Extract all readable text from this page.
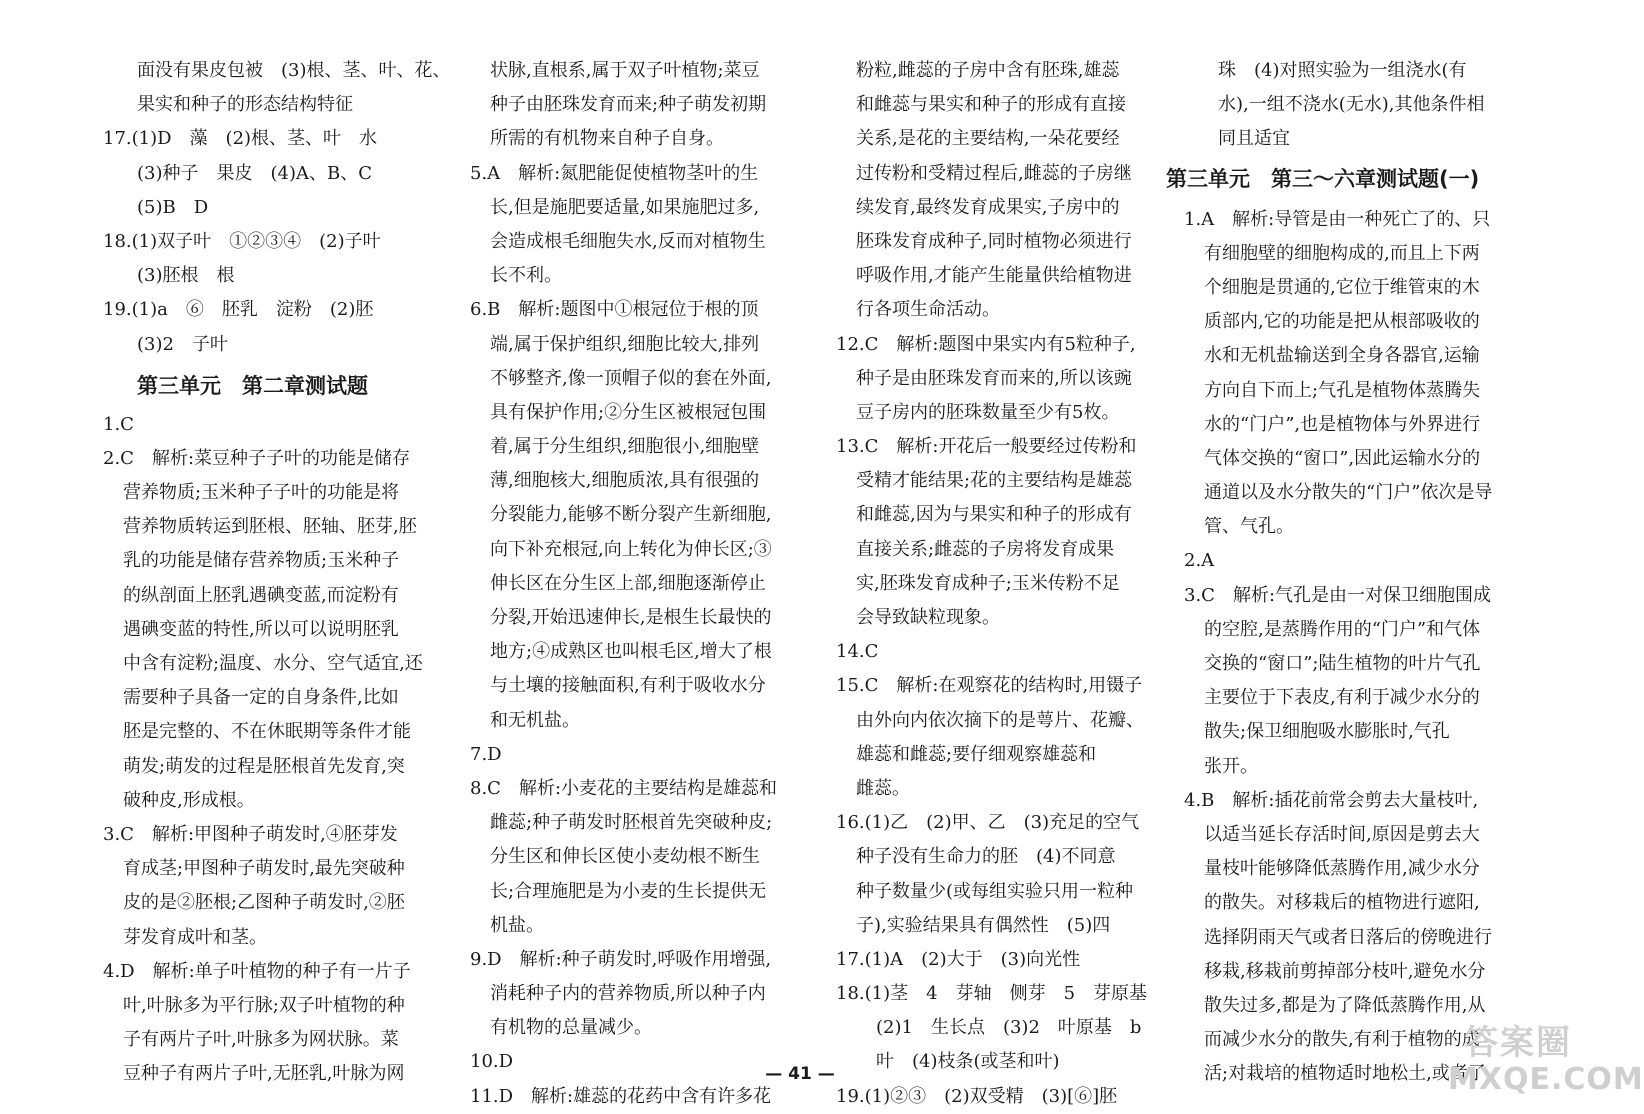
面没有果皮包被　(3)根、茎、叶、花、
果实和种子的形态结构特征
17.(1)D　藻　(2)根、茎、叶　水
(3)种子　果皮　(4)A、B、C
(5)B　D
18.(1)双子叶　①②③④　(2)子叶
(3)胚根　根
19.(1)a　⑥　胚乳　淀粉　(2)胚
(3)2　子叶
第三单元　第二章测试题
1.C
2.C　解析:菜豆种子子叶的功能是储存
营养物质;玉米种子子叶的功能是将
营养物质转运到胚根、胚轴、胚芽,胚
乳的功能是储存营养物质;玉米种子
的纵剖面上胚乳遇碘变蓝,而淀粉有
遇碘变蓝的特性,所以可以说明胚乳
中含有淀粉;温度、水分、空气适宜,还
需要种子具备一定的自身条件,比如
胚是完整的、不在休眠期等条件才能
萌发;萌发的过程是胚根首先发育,突
破种皮,形成根。
3.C　解析:甲图种子萌发时,④胚芽发
育成茎;甲图种子萌发时,最先突破种
皮的是②胚根;乙图种子萌发时,②胚
芽发育成叶和茎。
4.D　解析:单子叶植物的种子有一片子
叶,叶脉多为平行脉;双子叶植物的种
子有两片子叶,叶脉多为网状脉。菜
豆种子有两片子叶,无胚乳,叶脉为网
状脉,直根系,属于双子叶植物;菜豆
种子由胚珠发育而来;种子萌发初期
所需的有机物来自种子自身。
5.A　解析:氮肥能促使植物茎叶的生
长,但是施肥要适量,如果施肥过多,
会造成根毛细胞失水,反而对植物生
长不利。
6.B　解析:题图中①根冠位于根的顶
端,属于保护组织,细胞比较大,排列
不够整齐,像一顶帽子似的套在外面,
具有保护作用;②分生区被根冠包围
着,属于分生组织,细胞很小,细胞壁
薄,细胞核大,细胞质浓,具有很强的
分裂能力,能够不断分裂产生新细胞,
向下补充根冠,向上转化为伸长区;③
伸长区在分生区上部,细胞逐渐停止
分裂,开始迅速伸长,是根生长最快的
地方;④成熟区也叫根毛区,增大了根
与土壤的接触面积,有利于吸收水分
和无机盐。
7.D
8.C　解析:小麦花的主要结构是雄蕊和
雌蕊;种子萌发时胚根首先突破种皮;
分生区和伸长区使小麦幼根不断生
长;合理施肥是为小麦的生长提供无
机盐。
9.D　解析:种子萌发时,呼吸作用增强,
消耗种子内的营养物质,所以种子内
有机物的总量减少。
10.D
11.D　解析:雄蕊的花药中含有许多花
粉粒,雌蕊的子房中含有胚珠,雄蕊
和雌蕊与果实和种子的形成有直接
关系,是花的主要结构,一朵花要经
过传粉和受精过程后,雌蕊的子房继
续发育,最终发育成果实,子房中的
胚珠发育成种子,同时植物必须进行
呼吸作用,才能产生能量供给植物进
行各项生命活动。
12.C　解析:题图中果实内有5粒种子,
种子是由胚珠发育而来的,所以该豌
豆子房内的胚珠数量至少有5枚。
13.C　解析:开花后一般要经过传粉和
受精才能结果;花的主要结构是雄蕊
和雌蕊,因为与果实和种子的形成有
直接关系;雌蕊的子房将发育成果
实,胚珠发育成种子;玉米传粉不足
会导致缺粒现象。
14.C
15.C　解析:在观察花的结构时,用镊子
由外向内依次摘下的是萼片、花瓣、
雄蕊和雌蕊;要仔细观察雄蕊和
雌蕊。
16.(1)乙　(2)甲、乙　(3)充足的空气
种子没有生命力的胚　(4)不同意
种子数量少(或每组实验只用一粒种
子),实验结果具有偶然性　(5)四
17.(1)A　(2)大于　(3)向光性
18.(1)茎　4　芽轴　侧芽　5　芽原基
(2)1　生长点　(3)2　叶原基　b
叶　(4)枝条(或茎和叶)
19.(1)②③　(2)双受精　(3)[⑥]胚
珠　(4)对照实验为一组浇水(有
水),一组不浇水(无水),其他条件相
同且适宜
第三单元　第三～六章测试题(一)
1.A　解析:导管是由一种死亡了的、只
有细胞壁的细胞构成的,而且上下两
个细胞是贯通的,它位于维管束的木
质部内,它的功能是把从根部吸收的
水和无机盐输送到全身各器官,运输
方向自下而上;气孔是植物体蒸腾失
水的“门户”,也是植物体与外界进行
气体交换的“窗口”,因此运输水分的
通道以及水分散失的“门户”依次是导
管、气孔。
2.A
3.C　解析:气孔是由一对保卫细胞围成
的空腔,是蒸腾作用的“门户”和气体
交换的“窗口”;陆生植物的叶片气孔
主要位于下表皮,有利于减少水分的
散失;保卫细胞吸水膨胀时,气孔
张开。
4.B　解析:插花前常会剪去大量枝叶,
以适当延长存活时间,原因是剪去大
量枝叶能够降低蒸腾作用,减少水分
的散失。对移栽后的植物进行遮阳,
选择阴雨天气或者日落后的傍晚进行
移栽,移栽前剪掉部分枝叶,避免水分
散失过多,都是为了降低蒸腾作用,从
而减少水分的散失,有利于植物的成
活;对栽培的植物适时地松土,或者了
— 41 —
答案圈
MXQE.COM
